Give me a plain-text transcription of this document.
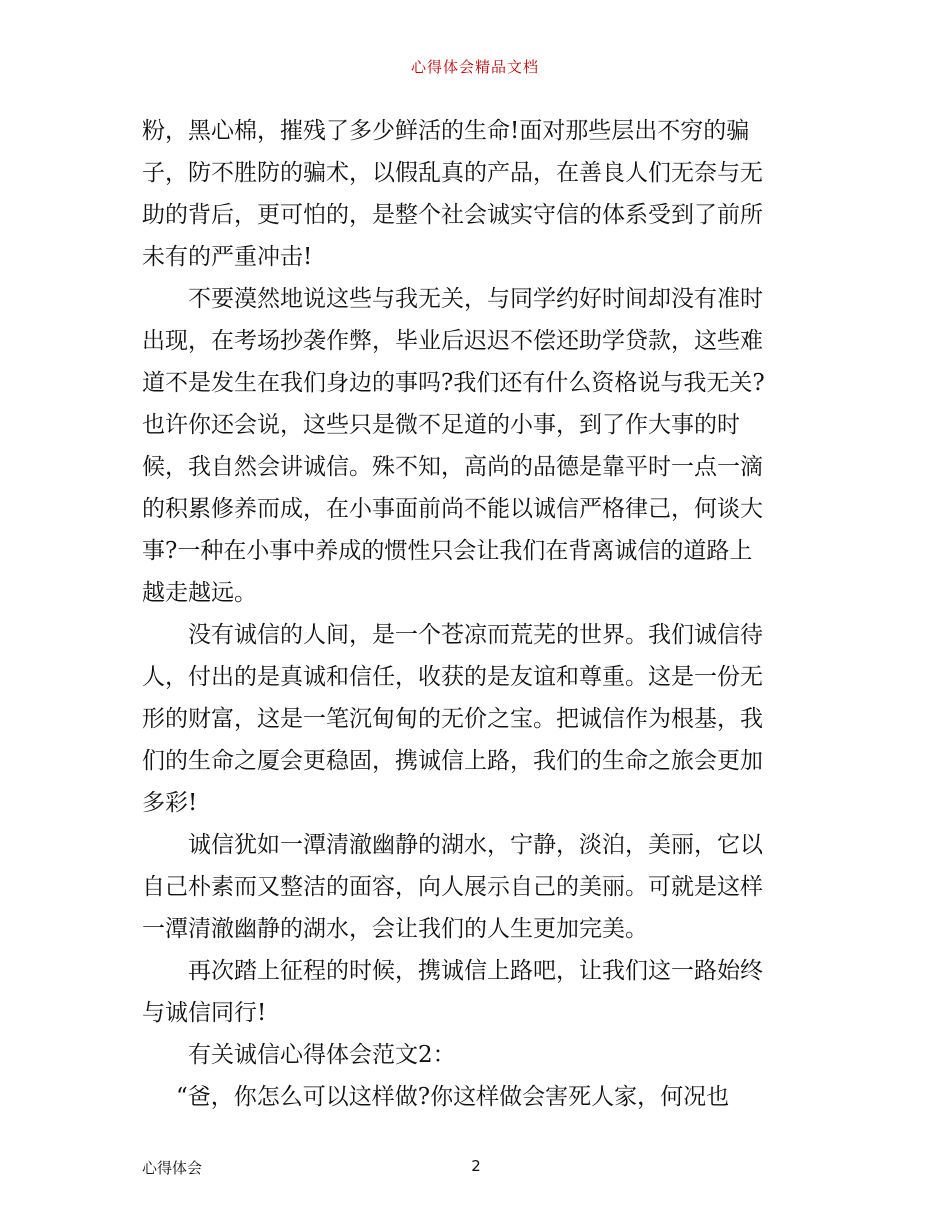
心得体会精品文档
粉，黑心棉，摧残了多少鲜活的生命!面对那些层出不穷的骗
子，防不胜防的骗术，以假乱真的产品，在善良人们无奈与无
助的背后，更可怕的，是整个社会诚实守信的体系受到了前所
未有的严重冲击!
不要漠然地说这些与我无关，与同学约好时间却没有准时
出现，在考场抄袭作弊，毕业后迟迟不偿还助学贷款，这些难
道不是发生在我们身边的事吗?我们还有什么资格说与我无关?
也许你还会说，这些只是微不足道的小事，到了作大事的时
候，我自然会讲诚信。殊不知，高尚的品德是靠平时一点一滴
的积累修养而成，在小事面前尚不能以诚信严格律己，何谈大
事?一种在小事中养成的惯性只会让我们在背离诚信的道路上
越走越远。
没有诚信的人间，是一个苍凉而荒芜的世界。我们诚信待
人，付出的是真诚和信任，收获的是友谊和尊重。这是一份无
形的财富，这是一笔沉甸甸的无价之宝。把诚信作为根基，我
们的生命之厦会更稳固，携诚信上路，我们的生命之旅会更加
多彩!
诚信犹如一潭清澈幽静的湖水，宁静，淡泊，美丽，它以
自己朴素而又整洁的面容，向人展示自己的美丽。可就是这样
一潭清澈幽静的湖水，会让我们的人生更加完美。
再次踏上征程的时候，携诚信上路吧，让我们这一路始终
与诚信同行!
有关诚信心得体会范文2：
“爸，你怎么可以这样做?你这样做会害死人家，何况也
心得体会	2
